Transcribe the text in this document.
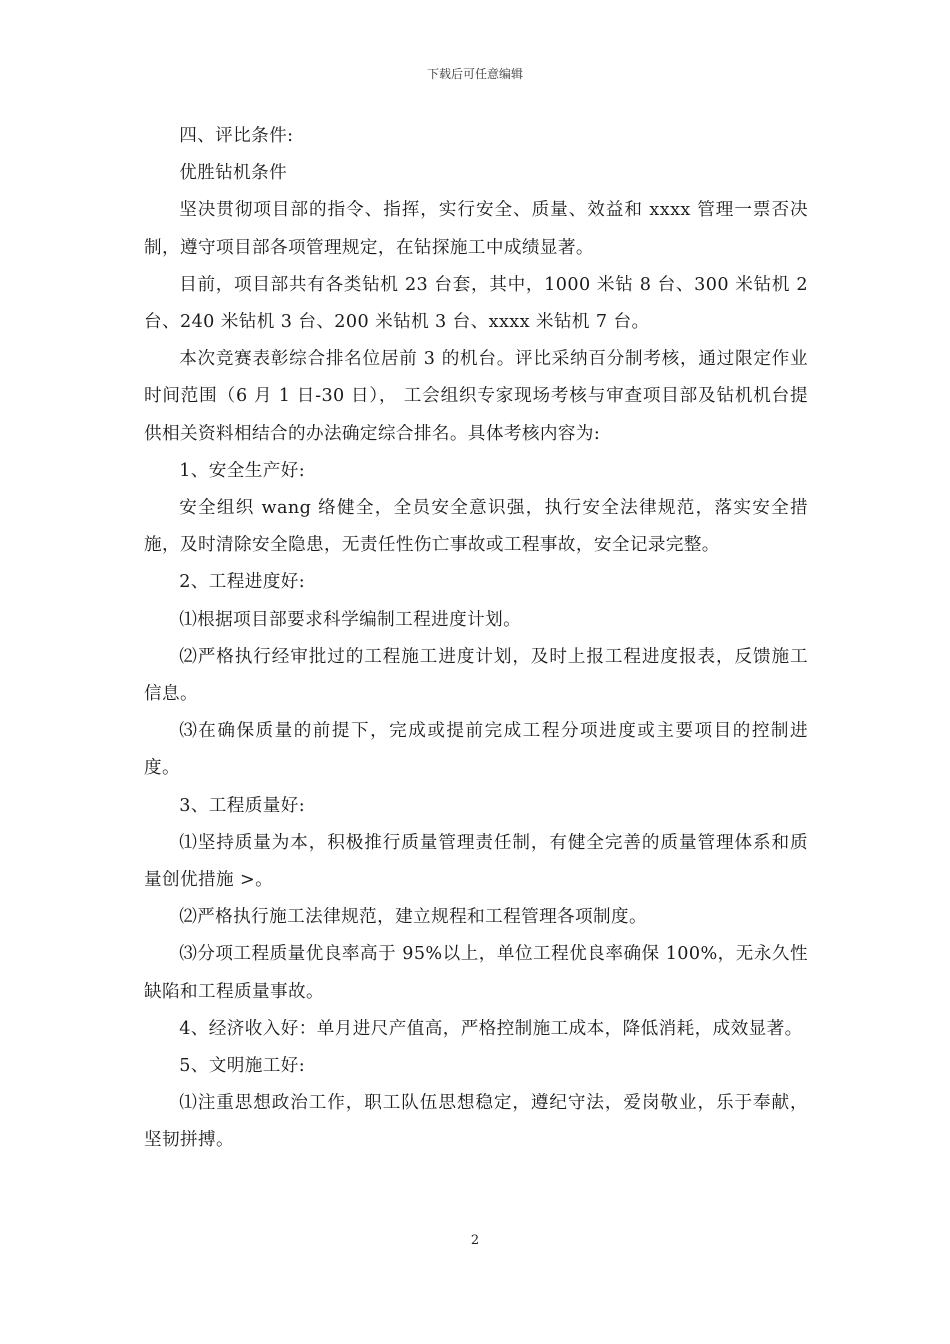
下载后可任意编辑

四、评比条件:

优胜钻机条件

坚决贯彻项目部的指令、指挥，实行安全、质量、效益和 xxxx 管理一票否决制，遵守项目部各项管理规定，在钻探施工中成绩显著。

目前，项目部共有各类钻机 23 台套，其中，1000 米钻 8 台、300 米钻机 2 台、240 米钻机 3 台、200 米钻机 3 台、xxxx 米钻机 7 台。

本次竞赛表彰综合排名位居前 3 的机台。评比采纳百分制考核，通过限定作业时间范围（6 月 1 日-30 日）， 工会组织专家现场考核与审查项目部及钻机机台提供相关资料相结合的办法确定综合排名。具体考核内容为:

1、安全生产好:

安全组织 wang 络健全，全员安全意识强，执行安全法律规范，落实安全措施，及时清除安全隐患，无责任性伤亡事故或工程事故，安全记录完整。

2、工程进度好:

⑴根据项目部要求科学编制工程进度计划。

⑵严格执行经审批过的工程施工进度计划，及时上报工程进度报表，反馈施工信息。

⑶在确保质量的前提下，完成或提前完成工程分项进度或主要项目的控制进度。

3、工程质量好:

⑴坚持质量为本，积极推行质量管理责任制，有健全完善的质量管理体系和质量创优措施 >。

⑵严格执行施工法律规范，建立规程和工程管理各项制度。

⑶分项工程质量优良率高于 95%以上，单位工程优良率确保 100%，无永久性缺陷和工程质量事故。

4、经济收入好：单月进尺产值高，严格控制施工成本，降低消耗，成效显著。

5、文明施工好:

⑴注重思想政治工作，职工队伍思想稳定，遵纪守法，爱岗敬业，乐于奉献，坚韧拼搏。

2
